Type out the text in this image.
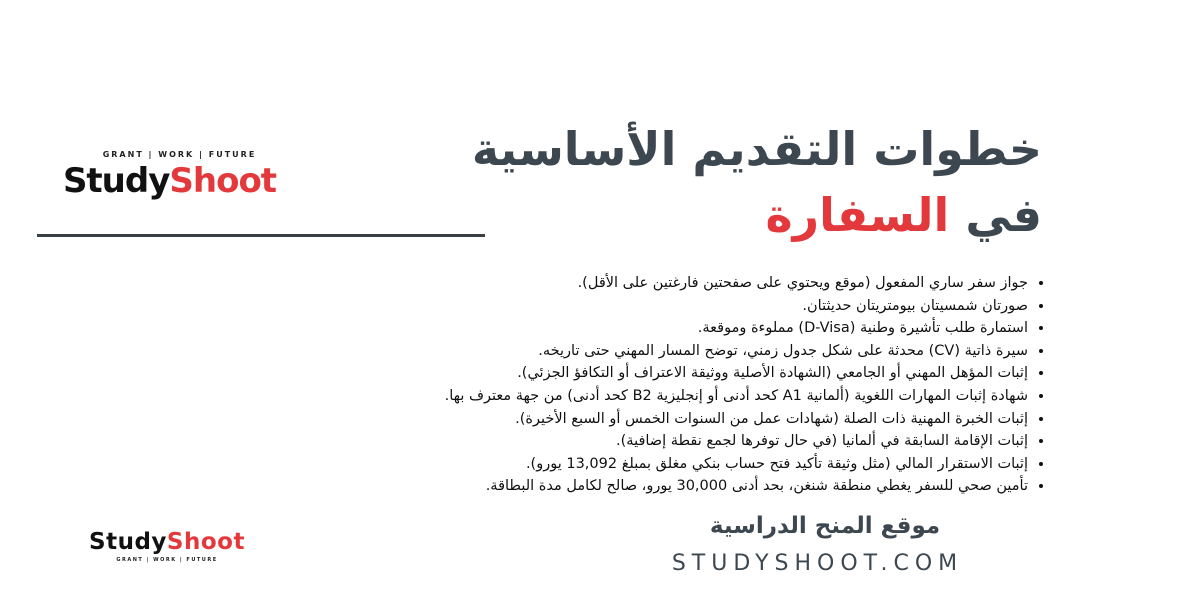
GRANT | WORK | FUTURE
StudyShoot
خطوات التقديم الأساسية
في السفارة
• جواز سفر ساري المفعول (موقع ويحتوي على صفحتين فارغتين على الأقل).
• صورتان شمسيتان بيومتريتان حديثتان.
• استمارة طلب تأشيرة وطنية (D-Visa) مملوءة وموقعة.
• سيرة ذاتية (CV) محدثة على شكل جدول زمني، توضح المسار المهني حتى تاريخه.
• إثبات المؤهل المهني أو الجامعي (الشهادة الأصلية ووثيقة الاعتراف أو التكافؤ الجزئي).
• شهادة إثبات المهارات اللغوية (ألمانية A1 كحد أدنى أو إنجليزية B2 كحد أدنى) من جهة معترف بها.
• إثبات الخبرة المهنية ذات الصلة (شهادات عمل من السنوات الخمس أو السبع الأخيرة).
• إثبات الإقامة السابقة في ألمانيا (في حال توفرها لجمع نقطة إضافية).
• إثبات الاستقرار المالي (مثل وثيقة تأكيد فتح حساب بنكي مغلق بمبلغ 13,092 يورو).
• تأمين صحي للسفر يغطي منطقة شنغن، بحد أدنى 30,000 يورو، صالح لكامل مدة البطاقة.
StudyShoot
GRANT | WORK | FUTURE
موقع المنح الدراسية
STUDYSHOOT.COM
